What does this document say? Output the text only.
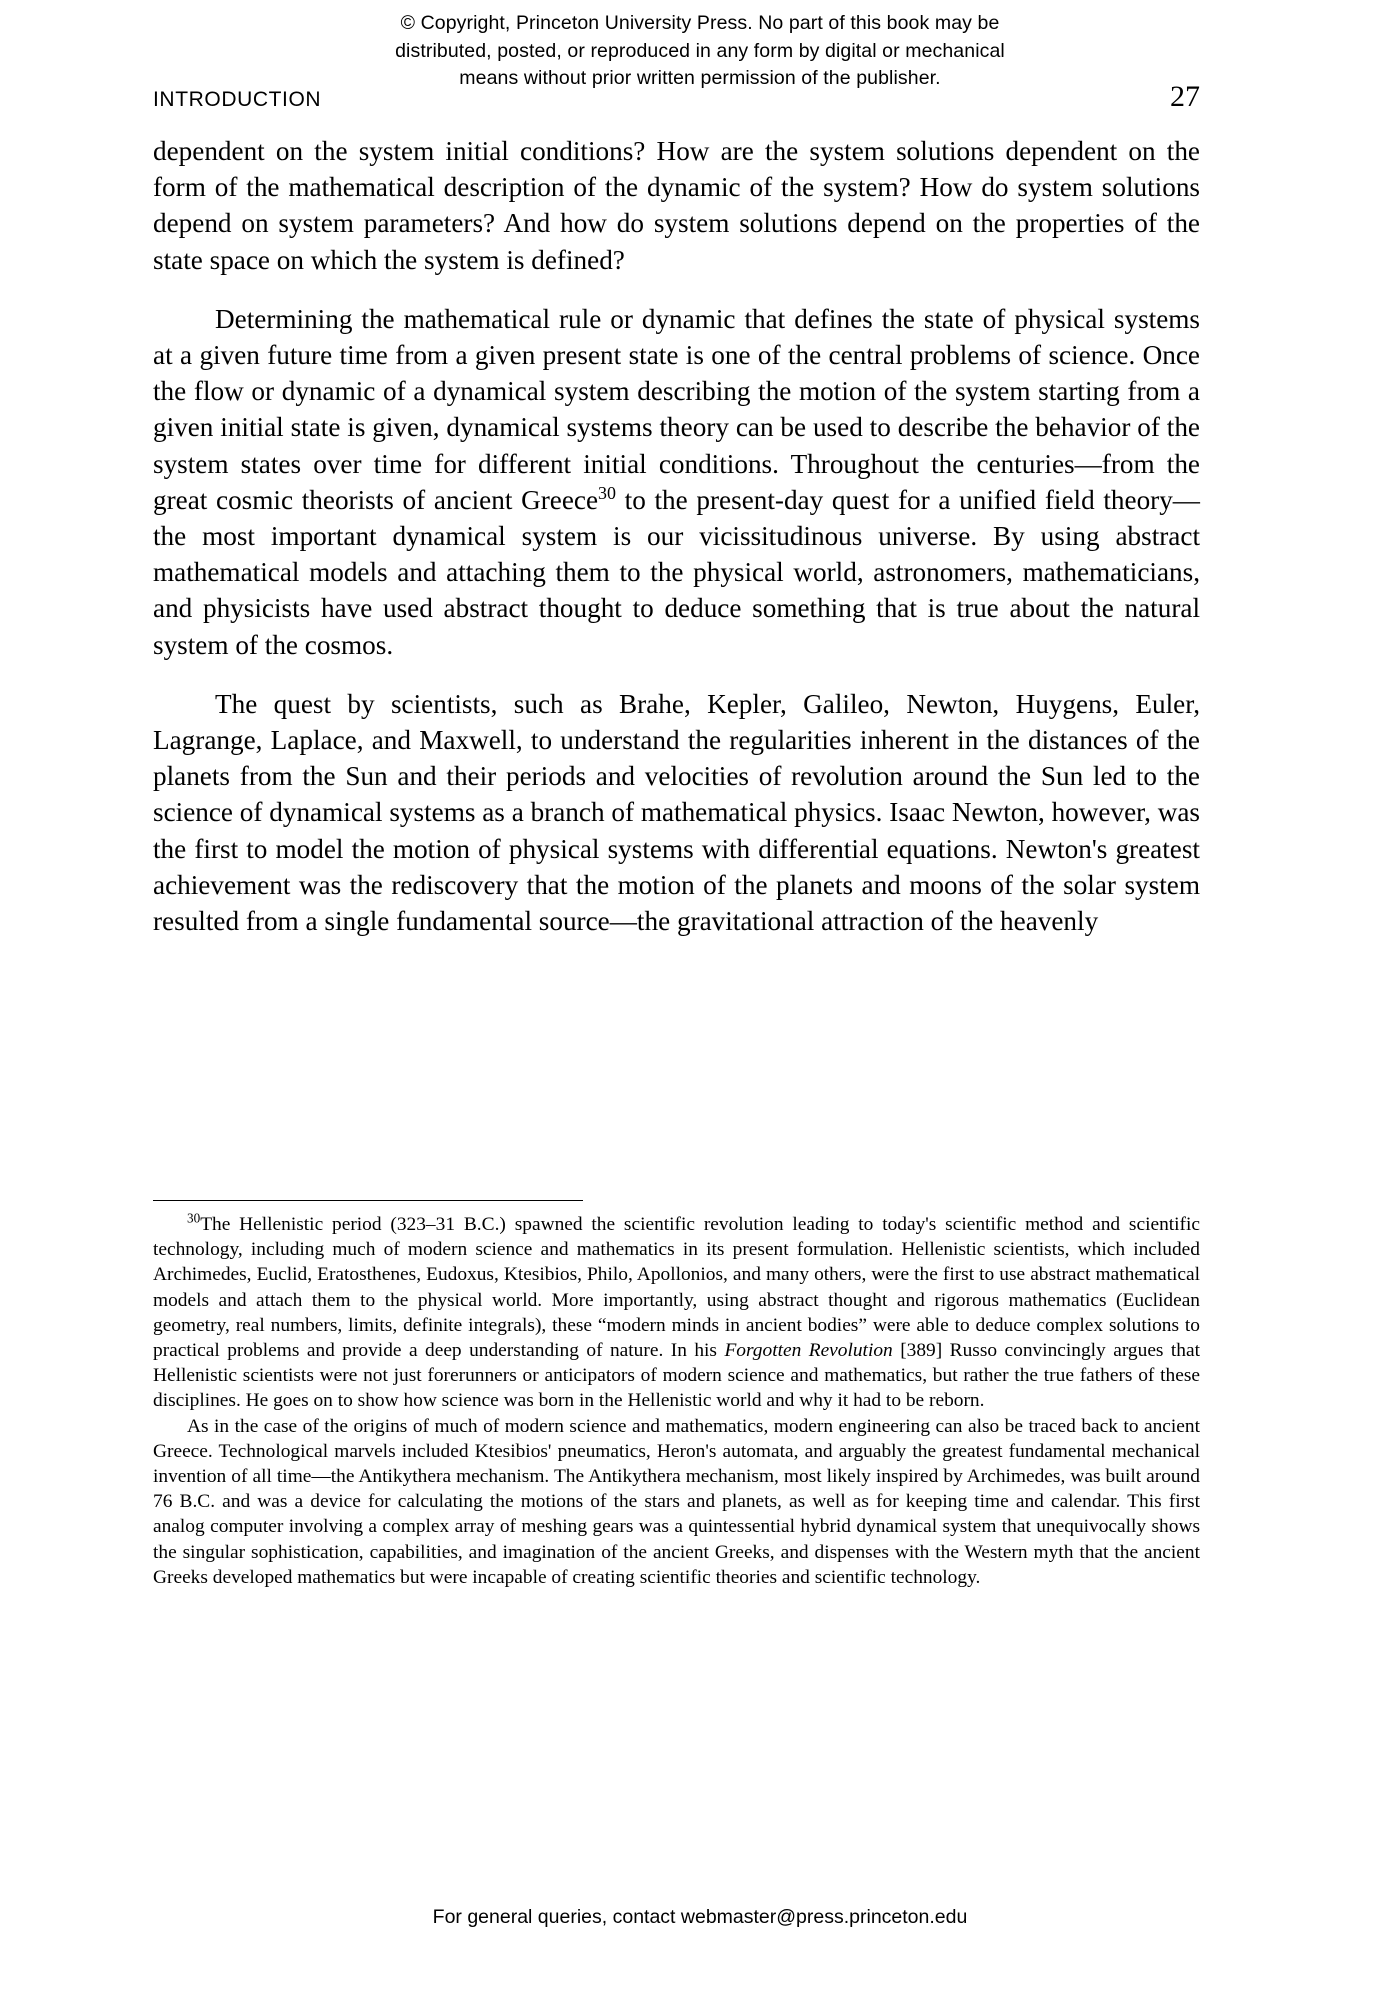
© Copyright, Princeton University Press. No part of this book may be
distributed, posted, or reproduced in any form by digital or mechanical
means without prior written permission of the publisher.
INTRODUCTION	27

dependent on the system initial conditions? How are the system solutions dependent on the form of the mathematical description of the dynamic of the system? How do system solutions depend on system parameters? And how do system solutions depend on the properties of the state space on which the system is defined?

Determining the mathematical rule or dynamic that defines the state of physical systems at a given future time from a given present state is one of the central problems of science. Once the flow or dynamic of a dynamical system describing the motion of the system starting from a given initial state is given, dynamical systems theory can be used to describe the behavior of the system states over time for different initial conditions. Throughout the centuries—from the great cosmic theorists of ancient Greece$^{30}$ to the present-day quest for a unified field theory—the most important dynamical system is our vicissitudinous universe. By using abstract mathematical models and attaching them to the physical world, astronomers, mathematicians, and physicists have used abstract thought to deduce something that is true about the natural system of the cosmos.

The quest by scientists, such as Brahe, Kepler, Galileo, Newton, Huygens, Euler, Lagrange, Laplace, and Maxwell, to understand the regularities inherent in the distances of the planets from the Sun and their periods and velocities of revolution around the Sun led to the science of dynamical systems as a branch of mathematical physics. Isaac Newton, however, was the first to model the motion of physical systems with differential equations. Newton's greatest achievement was the rediscovery that the motion of the planets and moons of the solar system resulted from a single fundamental source—the gravitational attraction of the heavenly

$^{30}$The Hellenistic period (323–31 B.C.) spawned the scientific revolution leading to today's scientific method and scientific technology, including much of modern science and mathematics in its present formulation. Hellenistic scientists, which included Archimedes, Euclid, Eratosthenes, Eudoxus, Ktesibios, Philo, Apollonios, and many others, were the first to use abstract mathematical models and attach them to the physical world. More importantly, using abstract thought and rigorous mathematics (Euclidean geometry, real numbers, limits, definite integrals), these “modern minds in ancient bodies” were able to deduce complex solutions to practical problems and provide a deep understanding of nature. In his Forgotten Revolution [389] Russo convincingly argues that Hellenistic scientists were not just forerunners or anticipators of modern science and mathematics, but rather the true fathers of these disciplines. He goes on to show how science was born in the Hellenistic world and why it had to be reborn.

As in the case of the origins of much of modern science and mathematics, modern engineering can also be traced back to ancient Greece. Technological marvels included Ktesibios' pneumatics, Heron's automata, and arguably the greatest fundamental mechanical invention of all time—the Antikythera mechanism. The Antikythera mechanism, most likely inspired by Archimedes, was built around 76 B.C. and was a device for calculating the motions of the stars and planets, as well as for keeping time and calendar. This first analog computer involving a complex array of meshing gears was a quintessential hybrid dynamical system that unequivocally shows the singular sophistication, capabilities, and imagination of the ancient Greeks, and dispenses with the Western myth that the ancient Greeks developed mathematics but were incapable of creating scientific theories and scientific technology.

For general queries, contact webmaster@press.princeton.edu
